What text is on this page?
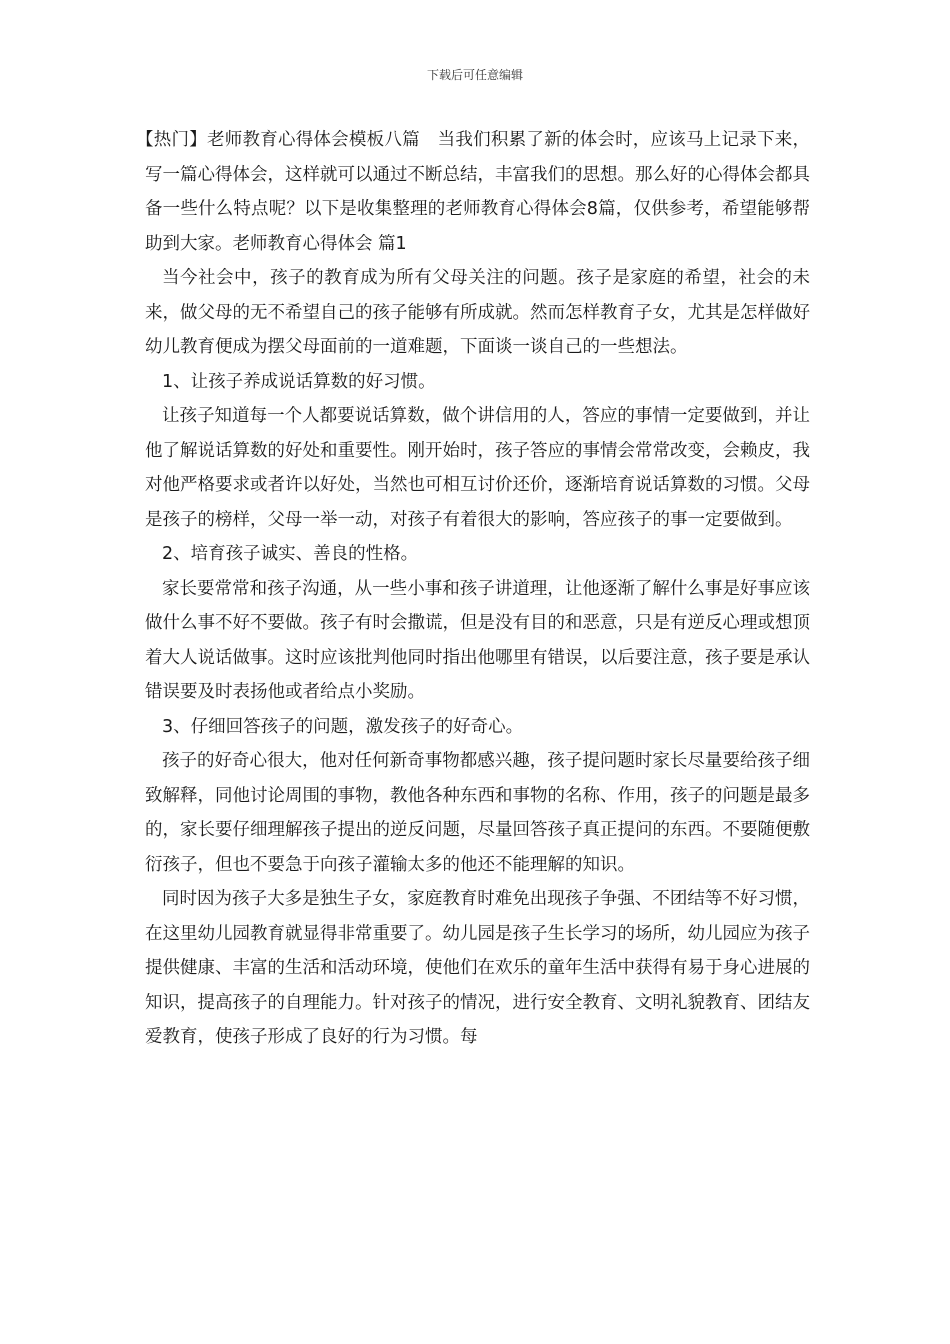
下载后可任意编辑

【热门】老师教育心得体会模板八篇　当我们积累了新的体会时，应该马上记录下来，写一篇心得体会，这样就可以通过不断总结，丰富我们的思想。那么好的心得体会都具备一些什么特点呢？以下是收集整理的老师教育心得体会8篇，仅供参考，希望能够帮助到大家。老师教育心得体会 篇1

当今社会中，孩子的教育成为所有父母关注的问题。孩子是家庭的希望，社会的未来，做父母的无不希望自己的孩子能够有所成就。然而怎样教育子女，尤其是怎样做好幼儿教育便成为摆父母面前的一道难题，下面谈一谈自己的一些想法。

1、让孩子养成说话算数的好习惯。

让孩子知道每一个人都要说话算数，做个讲信用的人，答应的事情一定要做到，并让他了解说话算数的好处和重要性。刚开始时，孩子答应的事情会常常改变，会赖皮，我对他严格要求或者许以好处，当然也可相互讨价还价，逐渐培育说话算数的习惯。父母是孩子的榜样，父母一举一动，对孩子有着很大的影响，答应孩子的事一定要做到。

2、培育孩子诚实、善良的性格。

家长要常常和孩子沟通，从一些小事和孩子讲道理，让他逐渐了解什么事是好事应该做什么事不好不要做。孩子有时会撒谎，但是没有目的和恶意，只是有逆反心理或想顶着大人说话做事。这时应该批判他同时指出他哪里有错误，以后要注意，孩子要是承认错误要及时表扬他或者给点小奖励。

3、仔细回答孩子的问题，激发孩子的好奇心。

孩子的好奇心很大，他对任何新奇事物都感兴趣，孩子提问题时家长尽量要给孩子细致解释，同他讨论周围的事物，教他各种东西和事物的名称、作用，孩子的问题是最多的，家长要仔细理解孩子提出的逆反问题，尽量回答孩子真正提问的东西。不要随便敷衍孩子，但也不要急于向孩子灌输太多的他还不能理解的知识。

同时因为孩子大多是独生子女，家庭教育时难免出现孩子争强、不团结等不好习惯，在这里幼儿园教育就显得非常重要了。幼儿园是孩子生长学习的场所，幼儿园应为孩子提供健康、丰富的生活和活动环境，使他们在欢乐的童年生活中获得有易于身心进展的知识，提高孩子的自理能力。针对孩子的情况，进行安全教育、文明礼貌教育、团结友爱教育，使孩子形成了良好的行为习惯。每
